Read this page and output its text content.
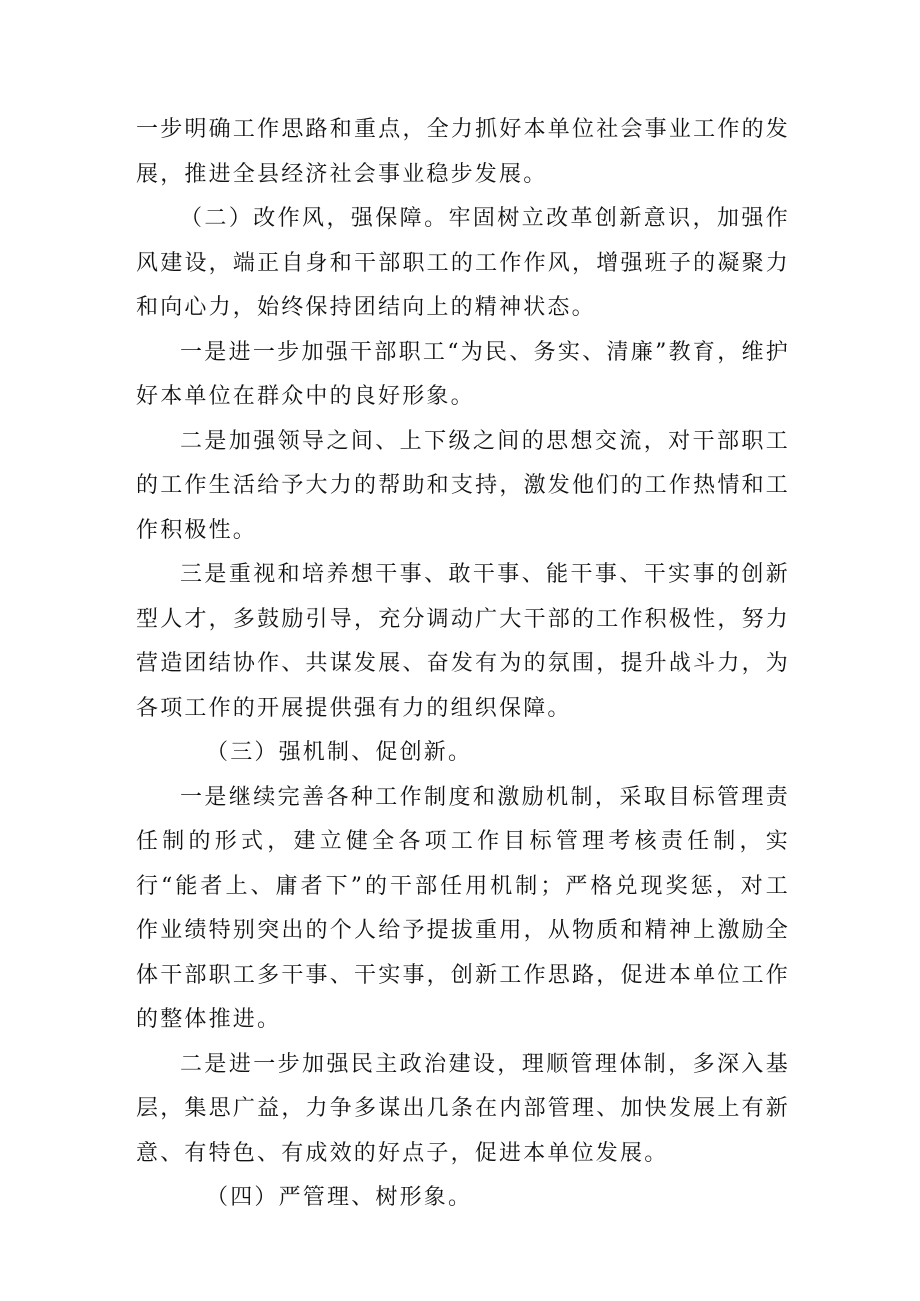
一步明确工作思路和重点，全力抓好本单位社会事业工作的发展，推进全县经济社会事业稳步发展。

（二）改作风，强保障。牢固树立改革创新意识，加强作风建设，端正自身和干部职工的工作作风，增强班子的凝聚力和向心力，始终保持团结向上的精神状态。

一是进一步加强干部职工“为民、务实、清廉”教育，维护好本单位在群众中的良好形象。

二是加强领导之间、上下级之间的思想交流，对干部职工的工作生活给予大力的帮助和支持，激发他们的工作热情和工作积极性。

三是重视和培养想干事、敢干事、能干事、干实事的创新型人才，多鼓励引导，充分调动广大干部的工作积极性，努力营造团结协作、共谋发展、奋发有为的氛围，提升战斗力，为各项工作的开展提供强有力的组织保障。

（三）强机制、促创新。

一是继续完善各种工作制度和激励机制，采取目标管理责任制的形式，建立健全各项工作目标管理考核责任制，实行“能者上、庸者下”的干部任用机制；严格兑现奖惩，对工作业绩特别突出的个人给予提拔重用，从物质和精神上激励全体干部职工多干事、干实事，创新工作思路，促进本单位工作的整体推进。

二是进一步加强民主政治建设，理顺管理体制，多深入基层，集思广益，力争多谋出几条在内部管理、加快发展上有新意、有特色、有成效的好点子，促进本单位发展。

（四）严管理、树形象。
